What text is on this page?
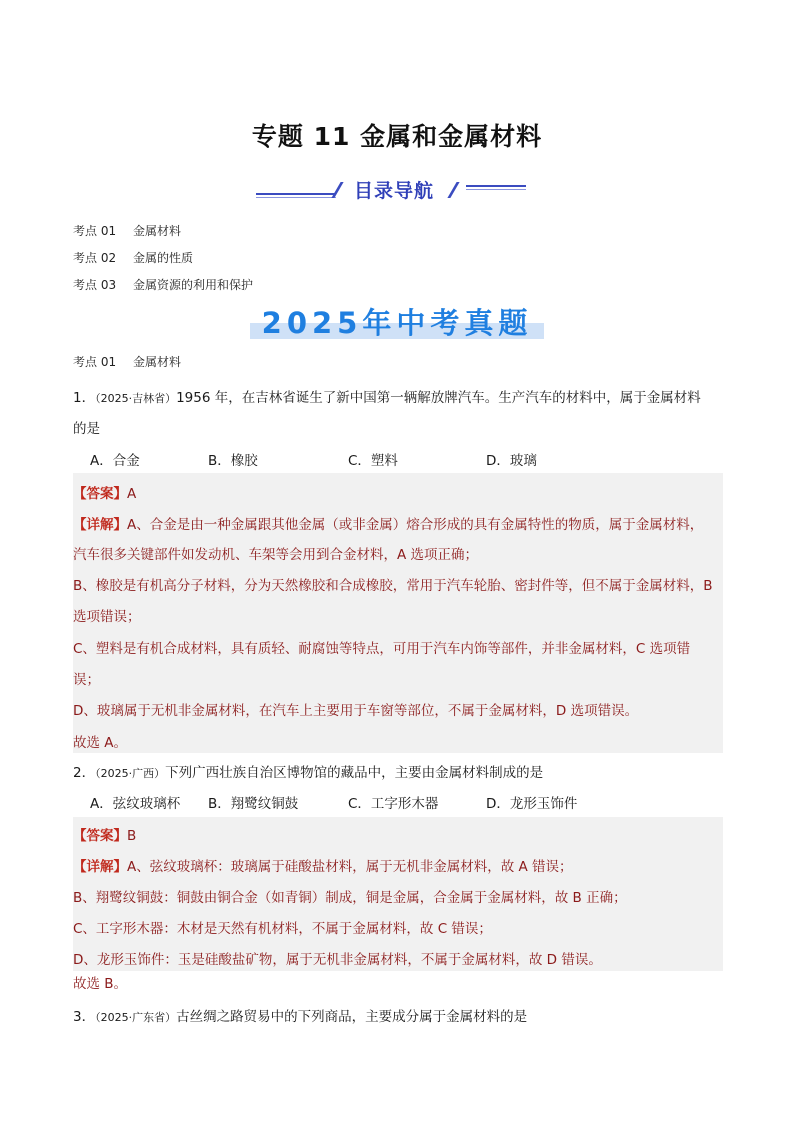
专题 11 金属和金属材料
目录导航
考点 01 金属材料
考点 02 金属的性质
考点 03 金属资源的利用和保护
2025年中考真题
考点 01 金属材料
1．（2025·吉林省）1956 年，在吉林省诞生了新中国第一辆解放牌汽车。生产汽车的材料中，属于金属材料
的是
A．合金	B．橡胶	C．塑料	D．玻璃
【答案】A
【详解】A、合金是由一种金属跟其他金属（或非金属）熔合形成的具有金属特性的物质，属于金属材料，
汽车很多关键部件如发动机、车架等会用到合金材料，A 选项正确；
B、橡胶是有机高分子材料，分为天然橡胶和合成橡胶，常用于汽车轮胎、密封件等，但不属于金属材料，B
选项错误；
C、塑料是有机合成材料，具有质轻、耐腐蚀等特点，可用于汽车内饰等部件，并非金属材料，C 选项错
误；
D、玻璃属于无机非金属材料，在汽车上主要用于车窗等部位，不属于金属材料，D 选项错误。
故选 A。
2．（2025·广西）下列广西壮族自治区博物馆的藏品中，主要由金属材料制成的是
A．弦纹玻璃杯 B．翔鹭纹铜鼓	C．工字形木器	D．龙形玉饰件
【答案】B
【详解】A、弦纹玻璃杯：玻璃属于硅酸盐材料，属于无机非金属材料，故 A 错误；
B、翔鹭纹铜鼓：铜鼓由铜合金（如青铜）制成，铜是金属，合金属于金属材料，故 B 正确；
C、工字形木器：木材是天然有机材料，不属于金属材料，故 C 错误；
D、龙形玉饰件：玉是硅酸盐矿物，属于无机非金属材料，不属于金属材料，故 D 错误。
故选 B。
3．（2025·广东省）古丝绸之路贸易中的下列商品，主要成分属于金属材料的是
